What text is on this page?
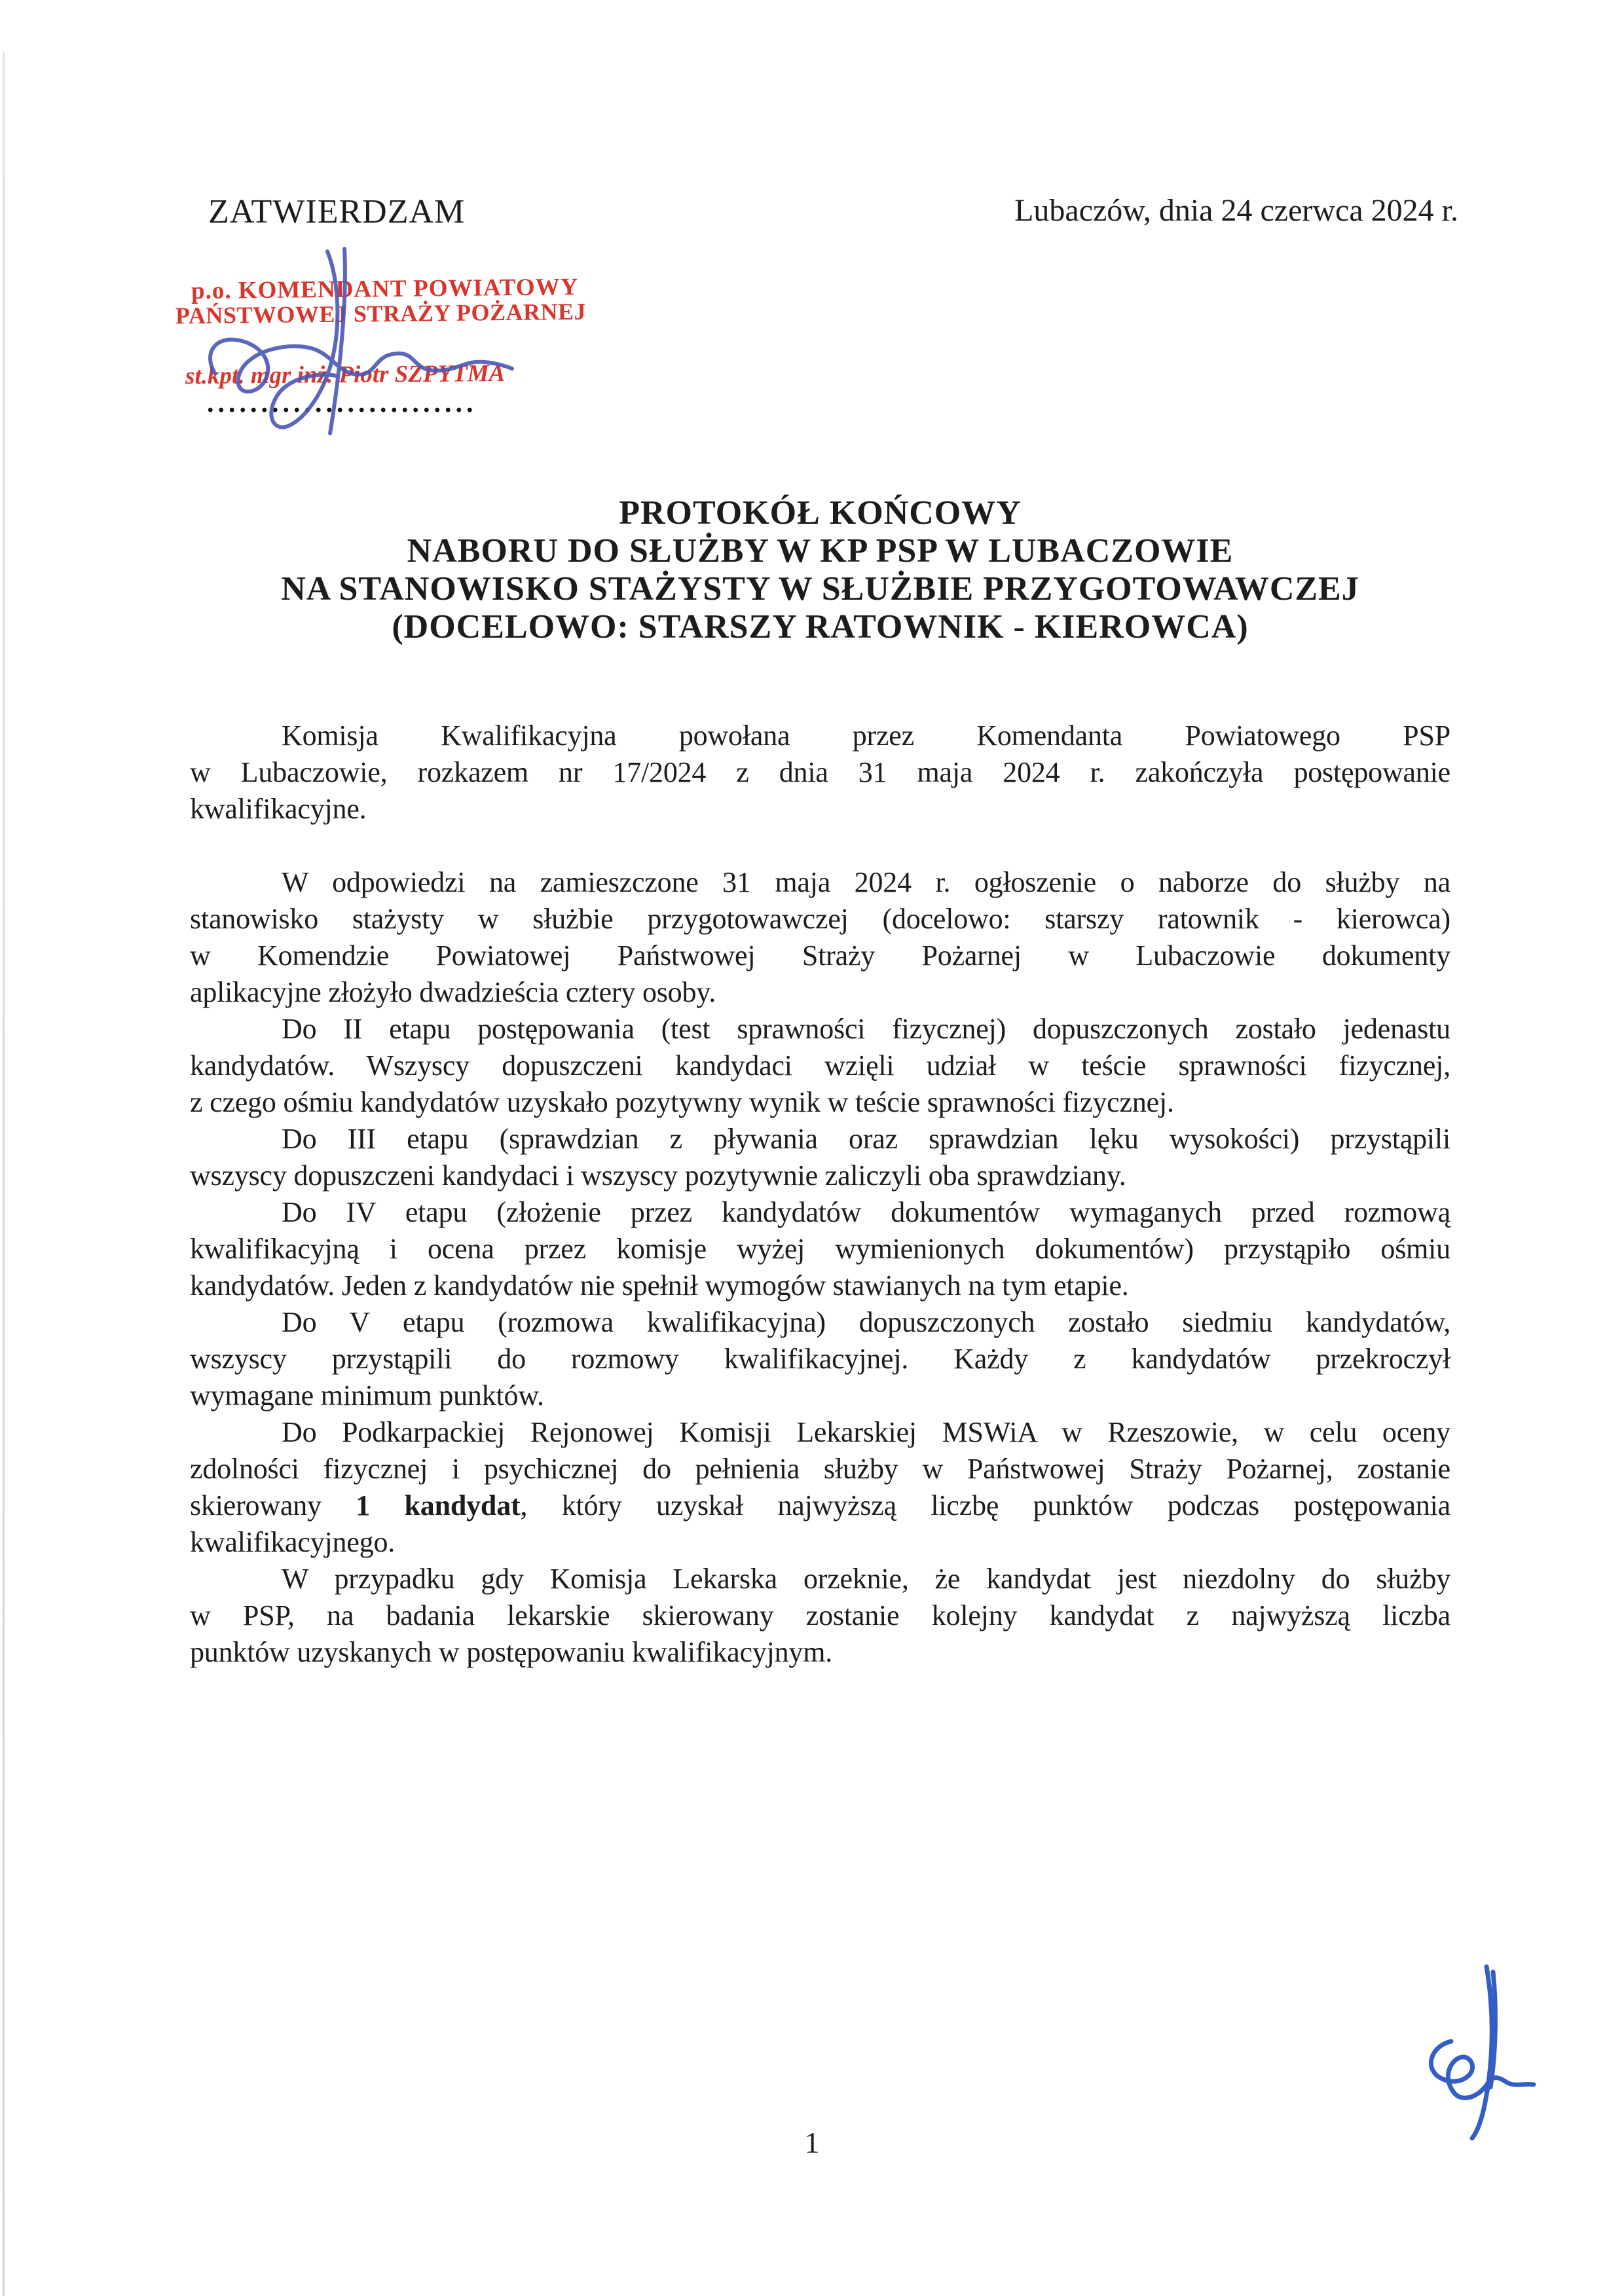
ZATWIERDZAM	Lubaczów, dnia 24 czerwca 2024 r.
p.o. KOMENDANT POWIATOWY
PAŃSTWOWEJ STRAŻY POŻARNEJ
st.kpt. mgr inż. Piotr SZPYTMA
.........................
PROTOKÓŁ KOŃCOWY
NABORU DO SŁUŻBY W KP PSP W LUBACZOWIE
NA STANOWISKO STAŻYSTY W SŁUŻBIE PRZYGOTOWAWCZEJ
(DOCELOWO: STARSZY RATOWNIK - KIEROWCA)
Komisja Kwalifikacyjna powołana przez Komendanta Powiatowego PSP
w Lubaczowie, rozkazem nr 17/2024 z dnia 31 maja 2024 r. zakończyła postępowanie
kwalifikacyjne.
W odpowiedzi na zamieszczone 31 maja 2024 r. ogłoszenie o naborze do służby na
stanowisko stażysty w służbie przygotowawczej (docelowo: starszy ratownik - kierowca)
w Komendzie Powiatowej Państwowej Straży Pożarnej w Lubaczowie dokumenty
aplikacyjne złożyło dwadzieścia cztery osoby.
Do II etapu postępowania (test sprawności fizycznej) dopuszczonych zostało jedenastu
kandydatów. Wszyscy dopuszczeni kandydaci wzięli udział w teście sprawności fizycznej,
z czego ośmiu kandydatów uzyskało pozytywny wynik w teście sprawności fizycznej.
Do III etapu (sprawdzian z pływania oraz sprawdzian lęku wysokości) przystąpili
wszyscy dopuszczeni kandydaci i wszyscy pozytywnie zaliczyli oba sprawdziany.
Do IV etapu (złożenie przez kandydatów dokumentów wymaganych przed rozmową
kwalifikacyjną i ocena przez komisje wyżej wymienionych dokumentów) przystąpiło ośmiu
kandydatów. Jeden z kandydatów nie spełnił wymogów stawianych na tym etapie.
Do V etapu (rozmowa kwalifikacyjna) dopuszczonych zostało siedmiu kandydatów,
wszyscy przystąpili do rozmowy kwalifikacyjnej. Każdy z kandydatów przekroczył
wymagane minimum punktów.
Do Podkarpackiej Rejonowej Komisji Lekarskiej MSWiA w Rzeszowie, w celu oceny
zdolności fizycznej i psychicznej do pełnienia służby w Państwowej Straży Pożarnej, zostanie
skierowany 1 kandydat, który uzyskał najwyższą liczbę punktów podczas postępowania
kwalifikacyjnego.
W przypadku gdy Komisja Lekarska orzeknie, że kandydat jest niezdolny do służby
w PSP, na badania lekarskie skierowany zostanie kolejny kandydat z najwyższą liczba
punktów uzyskanych w postępowaniu kwalifikacyjnym.
1
